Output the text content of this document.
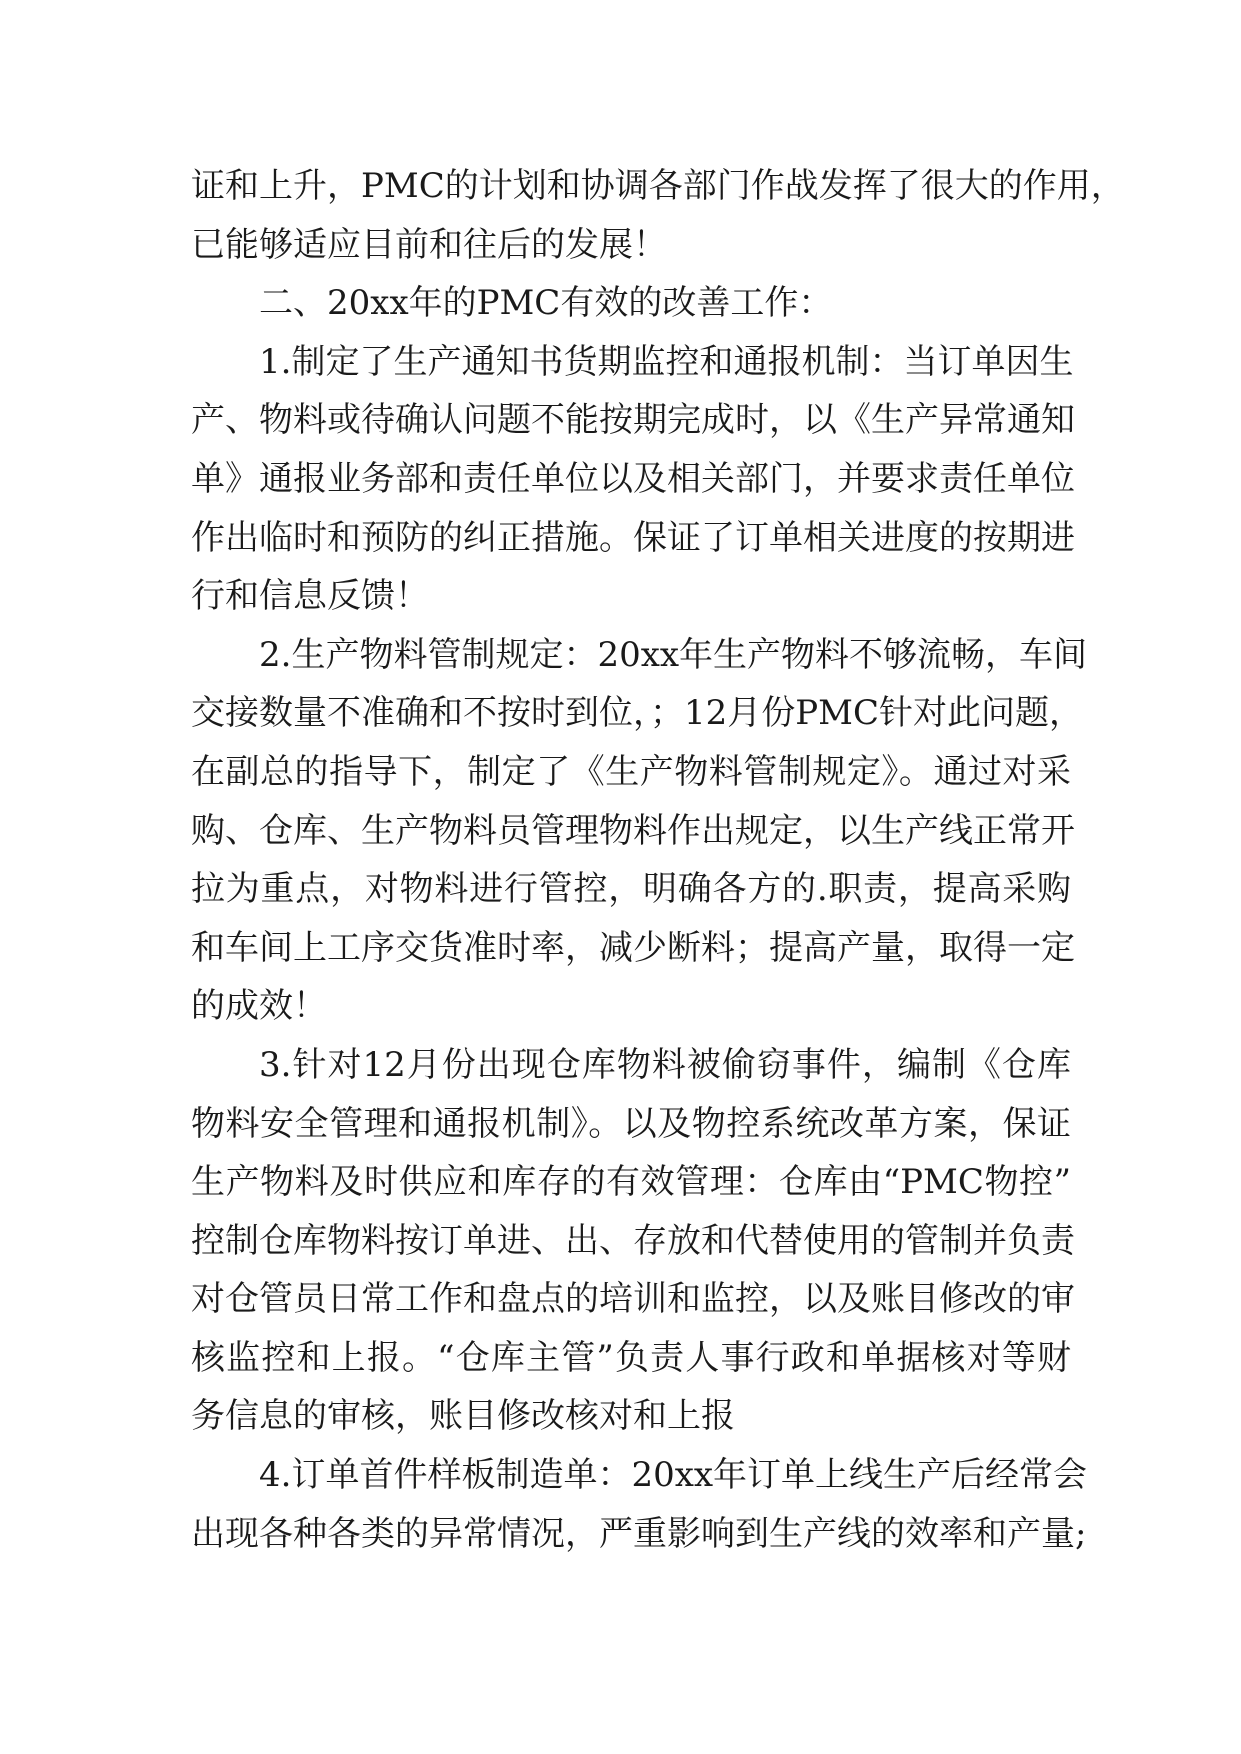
证和上升，PMC的计划和协调各部门作战发挥了很大的作用，
已能够适应目前和往后的发展！
二、20xx年的PMC有效的改善工作：
1.制定了生产通知书货期监控和通报机制：当订单因生
产、物料或待确认问题不能按期完成时，以《生产异常通知
单》通报业务部和责任单位以及相关部门，并要求责任单位
作出临时和预防的纠正措施。保证了订单相关进度的按期进
行和信息反馈！
2.生产物料管制规定：20xx年生产物料不够流畅，车间
交接数量不准确和不按时到位，；12月份PMC针对此问题，
在副总的指导下，制定了《生产物料管制规定》。通过对采
购、仓库、生产物料员管理物料作出规定，以生产线正常开
拉为重点，对物料进行管控，明确各方的.职责，提高采购
和车间上工序交货准时率，减少断料；提高产量，取得一定
的成效！
3.针对12月份出现仓库物料被偷窃事件，编制《仓库
物料安全管理和通报机制》。以及物控系统改革方案，保证
生产物料及时供应和库存的有效管理：仓库由“PMC物控”
控制仓库物料按订单进、出、存放和代替使用的管制并负责
对仓管员日常工作和盘点的培训和监控，以及账目修改的审
核监控和上报。“仓库主管”负责人事行政和单据核对等财
务信息的审核，账目修改核对和上报
4.订单首件样板制造单：20xx年订单上线生产后经常会
出现各种各类的异常情况，严重影响到生产线的效率和产量;
